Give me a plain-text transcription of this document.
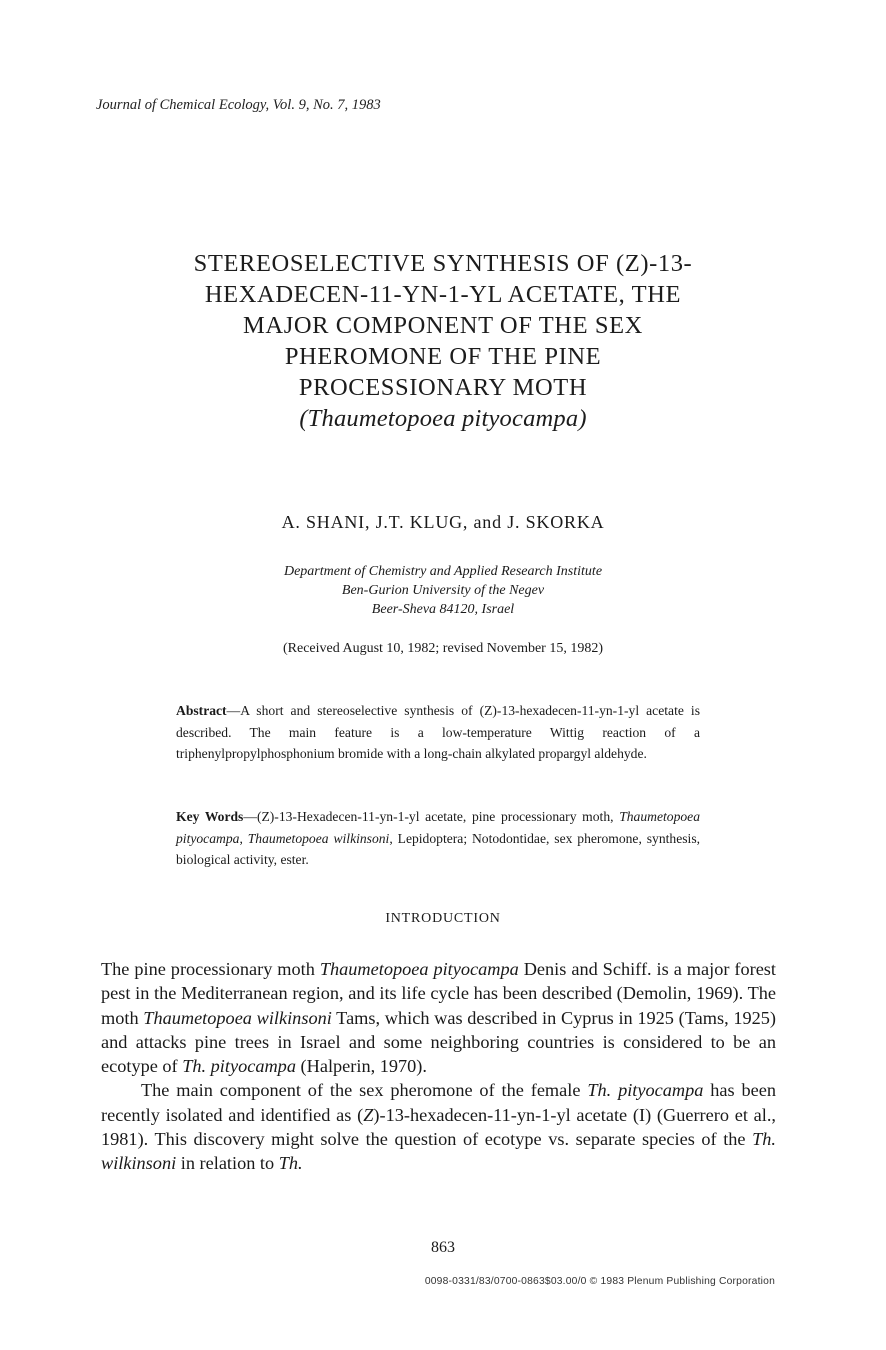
Journal of Chemical Ecology, Vol. 9, No. 7, 1983
STEREOSELECTIVE SYNTHESIS OF (Z)-13-
HEXADECEN-11-YN-1-YL ACETATE, THE
MAJOR COMPONENT OF THE SEX
PHEROMONE OF THE PINE
PROCESSIONARY MOTH
(Thaumetopoea pityocampa)
A. SHANI, J.T. KLUG, and J. SKORKA
Department of Chemistry and Applied Research Institute
Ben-Gurion University of the Negev
Beer-Sheva 84120, Israel
(Received August 10, 1982; revised November 15, 1982)
Abstract—A short and stereoselective synthesis of (Z)-13-hexadecen-11-yn-1-yl acetate is described. The main feature is a low-temperature Wittig reaction of a triphenylpropylphosphonium bromide with a long-chain alkylated propargyl aldehyde.
Key Words—(Z)-13-Hexadecen-11-yn-1-yl acetate, pine processionary moth, Thaumetopoea pityocampa, Thaumetopoea wilkinsoni, Lepidoptera; Notodontidae, sex pheromone, synthesis, biological activity, ester.
INTRODUCTION

The pine processionary moth Thaumetopoea pityocampa Denis and Schiff. is a major forest pest in the Mediterranean region, and its life cycle has been described (Demolin, 1969). The moth Thaumetopoea wilkinsoni Tams, which was described in Cyprus in 1925 (Tams, 1925) and attacks pine trees in Israel and some neighboring countries is considered to be an ecotype of Th. pityocampa (Halperin, 1970).

The main component of the sex pheromone of the female Th. pityocampa has been recently isolated and identified as (Z)-13-hexadecen-11-yn-1-yl acetate (I) (Guerrero et al., 1981). This discovery might solve the question of ecotype vs. separate species of the Th. wilkinsoni in relation to Th.

863
0098-0331/83/0700-0863$03.00/0 © 1983 Plenum Publishing Corporation
